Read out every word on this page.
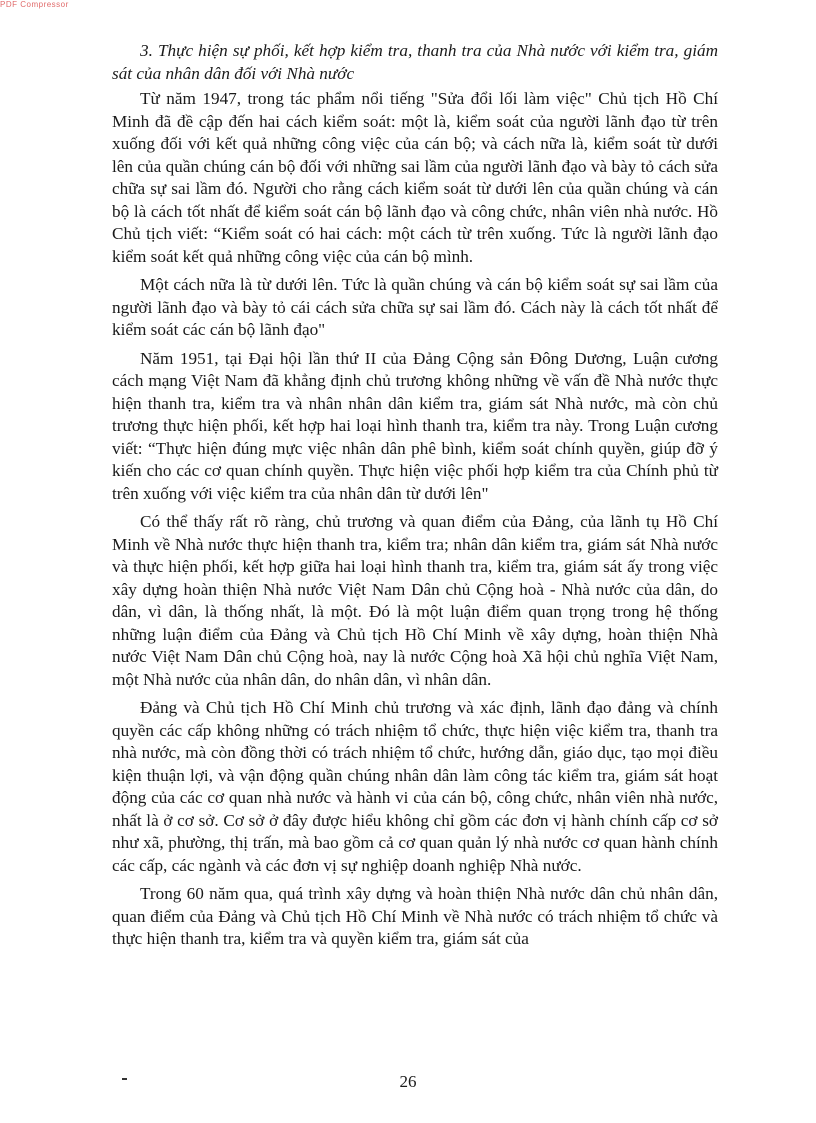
PDF Compressor

3. Thực hiện sự phối, kết hợp kiểm tra, thanh tra của Nhà nước với kiểm tra, giám sát của nhân dân đối với Nhà nước

Từ năm 1947, trong tác phẩm nổi tiếng "Sửa đổi lối làm việc" Chủ tịch Hồ Chí Minh đã đề cập đến hai cách kiểm soát: một là, kiểm soát của người lãnh đạo từ trên xuống đối với kết quả những công việc của cán bộ; và cách nữa là, kiểm soát từ dưới lên của quần chúng cán bộ đối với những sai lầm của người lãnh đạo và bày tỏ cách sửa chữa sự sai lầm đó. Người cho rằng cách kiểm soát từ dưới lên của quần chúng và cán bộ là cách tốt nhất để kiểm soát cán bộ lãnh đạo và công chức, nhân viên nhà nước. Hồ Chủ tịch viết: “Kiểm soát có hai cách: một cách từ trên xuống. Tức là người lãnh đạo kiểm soát kết quả những công việc của cán bộ mình.

Một cách nữa là từ dưới lên. Tức là quần chúng và cán bộ kiểm soát sự sai lầm của người lãnh đạo và bày tỏ cái cách sửa chữa sự sai lầm đó. Cách này là cách tốt nhất để kiểm soát các cán bộ lãnh đạo"

Năm 1951, tại Đại hội lần thứ II của Đảng Cộng sản Đông Dương, Luận cương cách mạng Việt Nam đã khẳng định chủ trương không những về vấn đề Nhà nước thực hiện thanh tra, kiểm tra và nhân nhân dân kiểm tra, giám sát Nhà nước, mà còn chủ trương thực hiện phối, kết hợp hai loại hình thanh tra, kiểm tra này. Trong Luận cương viết: “Thực hiện đúng mực việc nhân dân phê bình, kiểm soát chính quyền, giúp đỡ ý kiến cho các cơ quan chính quyền. Thực hiện việc phối hợp kiểm tra của Chính phủ từ trên xuống với việc kiểm tra của nhân dân từ dưới lên"

Có thể thấy rất rõ ràng, chủ trương và quan điểm của Đảng, của lãnh tụ Hồ Chí Minh về Nhà nước thực hiện thanh tra, kiểm tra; nhân dân kiểm tra, giám sát Nhà nước và thực hiện phối, kết hợp giữa hai loại hình thanh tra, kiểm tra, giám sát ấy trong việc xây dựng hoàn thiện Nhà nước Việt Nam Dân chủ Cộng hoà - Nhà nước của dân, do dân, vì dân, là thống nhất, là một. Đó là một luận điểm quan trọng trong hệ thống những luận điểm của Đảng và Chủ tịch Hồ Chí Minh về xây dựng, hoàn thiện Nhà nước Việt Nam Dân chủ Cộng hoà, nay là nước Cộng hoà Xã hội chủ nghĩa Việt Nam, một Nhà nước của nhân dân, do nhân dân, vì nhân dân.

Đảng và Chủ tịch Hồ Chí Minh chủ trương và xác định, lãnh đạo đảng và chính quyền các cấp không những có trách nhiệm tổ chức, thực hiện việc kiểm tra, thanh tra nhà nước, mà còn đồng thời có trách nhiệm tổ chức, hướng dẫn, giáo dục, tạo mọi điều kiện thuận lợi, và vận động quần chúng nhân dân làm công tác kiểm tra, giám sát hoạt động của các cơ quan nhà nước và hành vi của cán bộ, công chức, nhân viên nhà nước, nhất là ở cơ sở. Cơ sở ở đây được hiểu không chỉ gồm các đơn vị hành chính cấp cơ sở như xã, phường, thị trấn, mà bao gồm cả cơ quan quản lý nhà nước cơ quan hành chính các cấp, các ngành và các đơn vị sự nghiệp doanh nghiệp Nhà nước.

Trong 60 năm qua, quá trình xây dựng và hoàn thiện Nhà nước dân chủ nhân dân, quan điểm của Đảng và Chủ tịch Hồ Chí Minh về Nhà nước có trách nhiệm tổ chức và thực hiện thanh tra, kiểm tra và quyền kiểm tra, giám sát của

26
